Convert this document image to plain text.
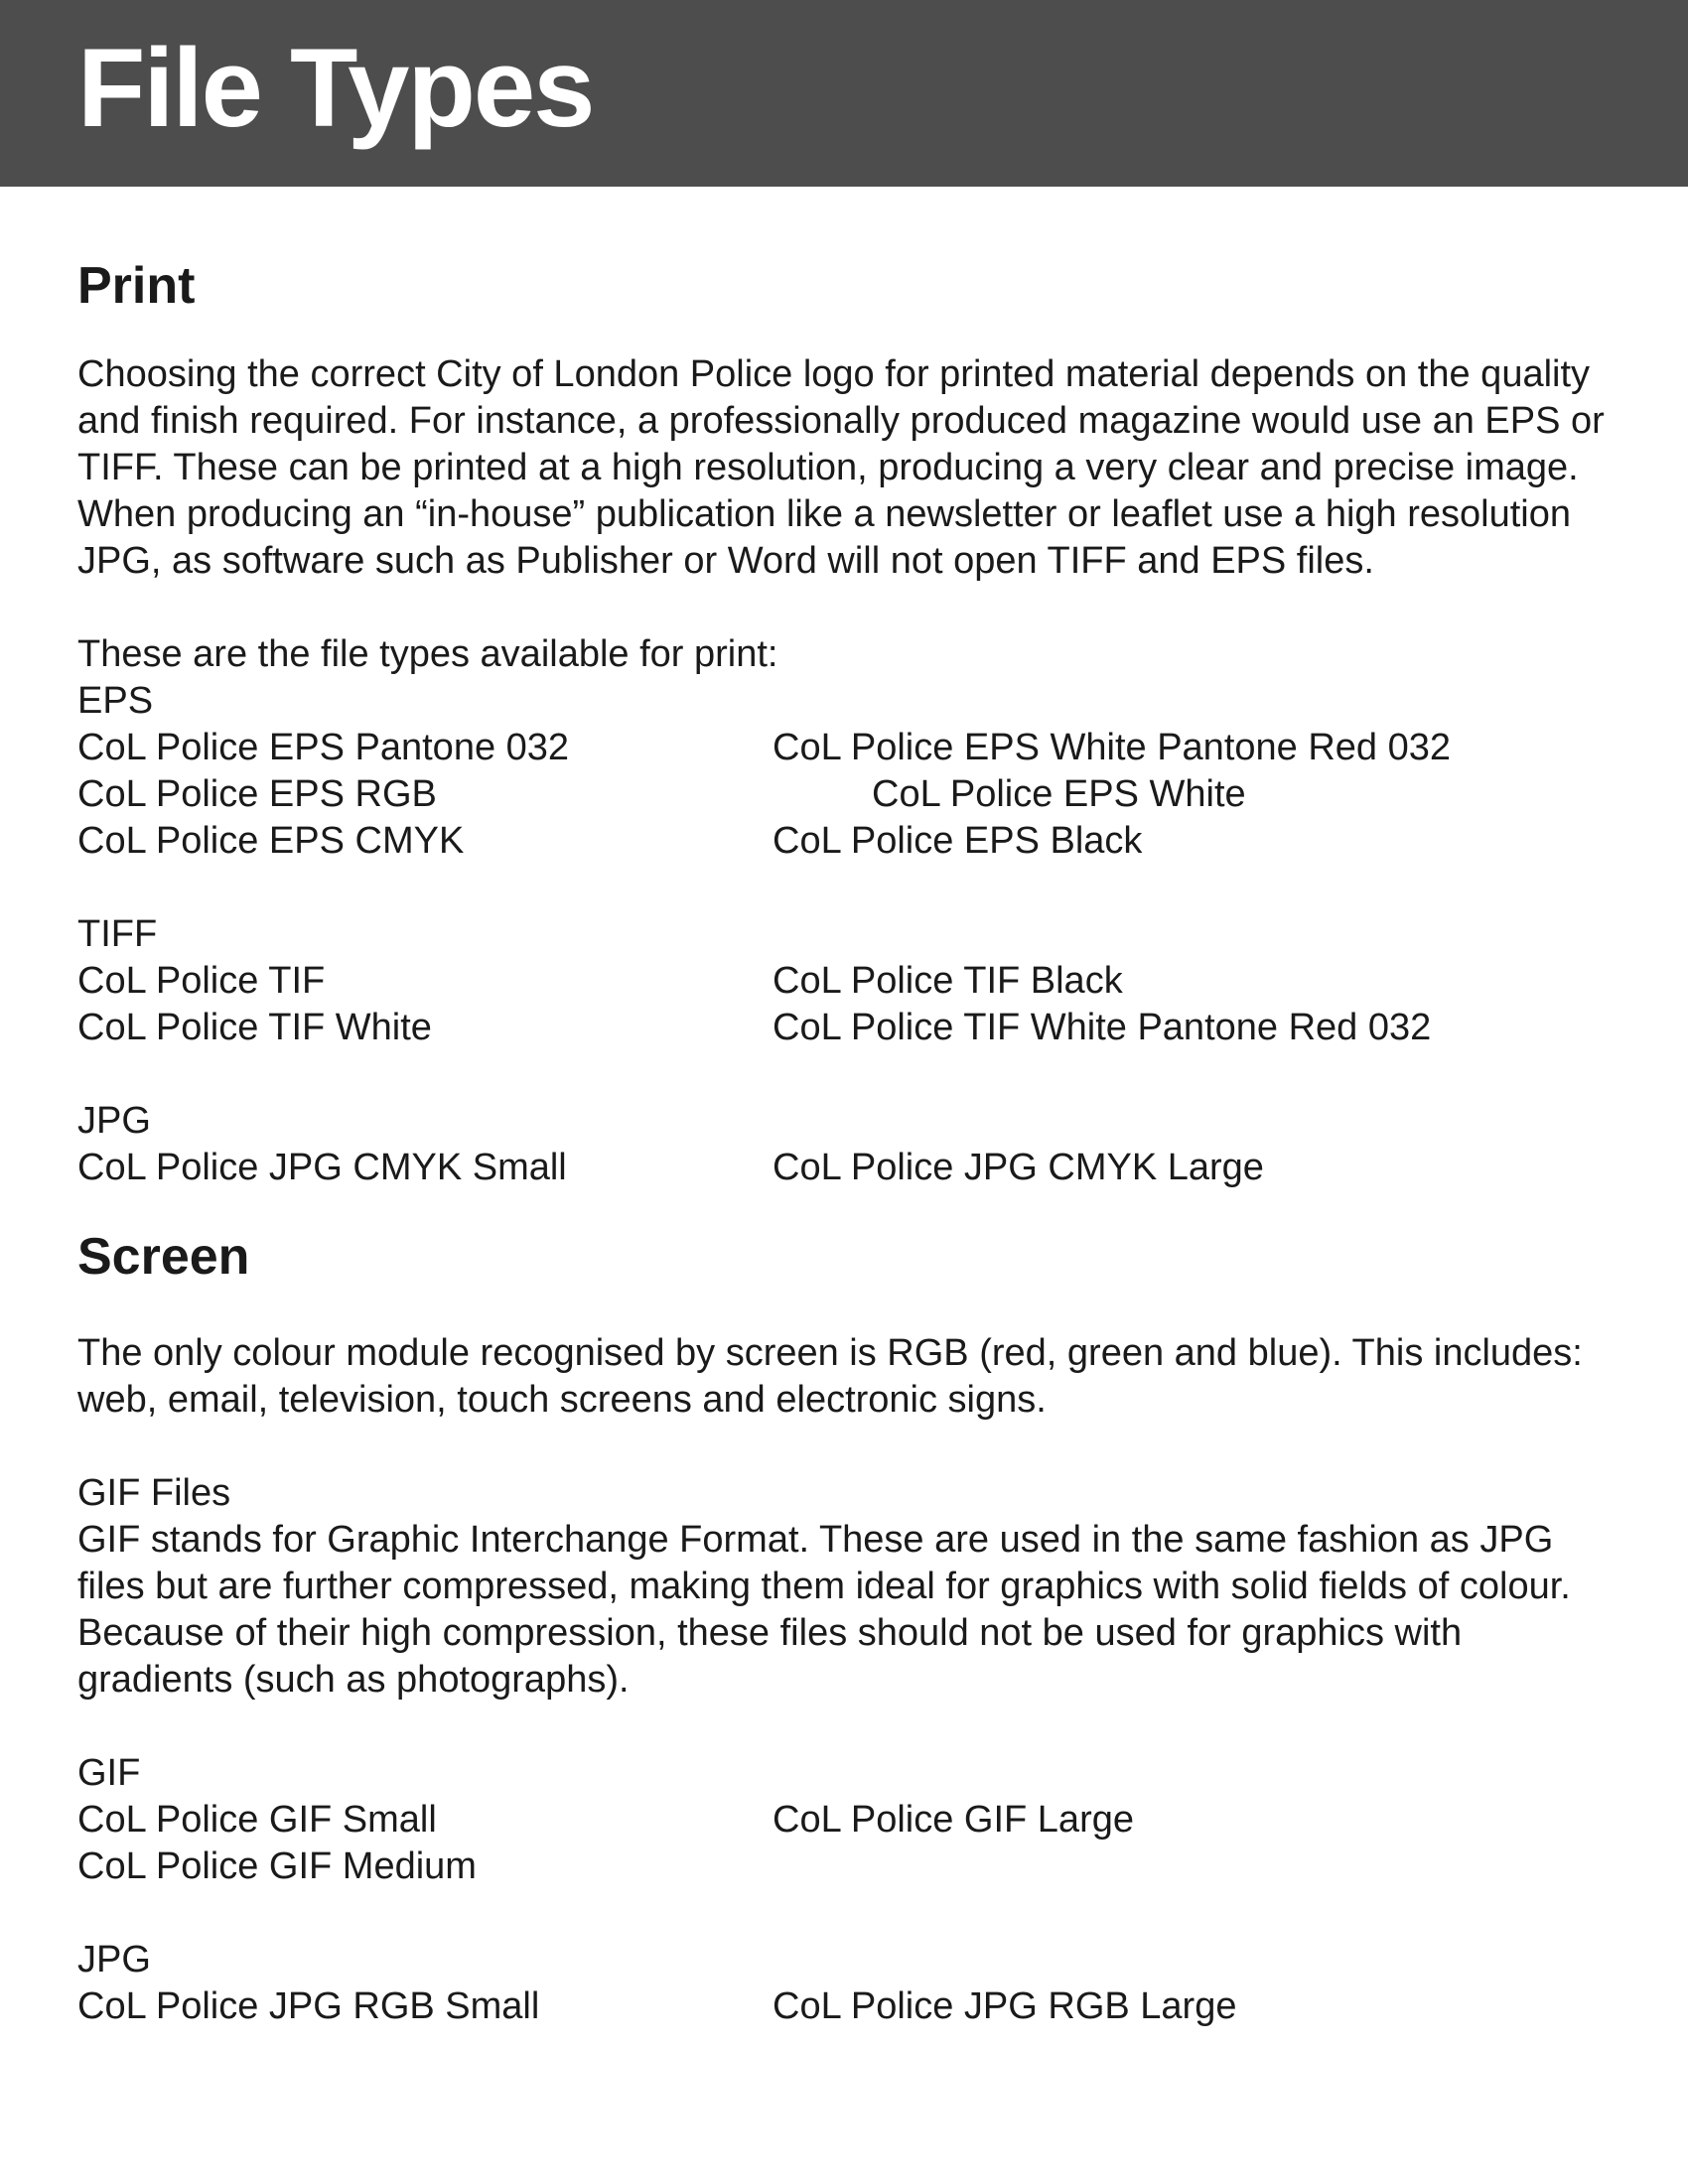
File Types
Print

Choosing the correct City of London Police logo for printed material depends on the quality and finish required. For instance, a professionally produced magazine would use an EPS or TIFF. These can be printed at a high resolution, producing a very clear and precise image. When producing an “in-house” publication like a newsletter or leaflet use a high resolution JPG, as software such as Publisher or Word will not open TIFF and EPS files.

These are the file types available for print:

EPS

CoL Police EPS Pantone 032	CoL Police EPS White Pantone Red 032
CoL Police EPS RGB	CoL Police EPS White
CoL Police EPS CMYK	CoL Police EPS Black

TIFF

CoL Police TIF	CoL Police TIF Black
CoL Police TIF White	CoL Police TIF White Pantone Red 032

JPG

CoL Police JPG CMYK Small	CoL Police JPG CMYK Large
Screen

The only colour module recognised by screen is RGB (red, green and blue). This includes: web, email, television, touch screens and electronic signs.

GIF Files

GIF stands for Graphic Interchange Format. These are used in the same fashion as JPG files but are further compressed, making them ideal for graphics with solid fields of colour. Because of their high compression, these files should not be used for graphics with gradients (such as photographs).

GIF

CoL Police GIF Small	CoL Police GIF Large
CoL Police GIF Medium

JPG

CoL Police JPG RGB Small	CoL Police JPG RGB Large
